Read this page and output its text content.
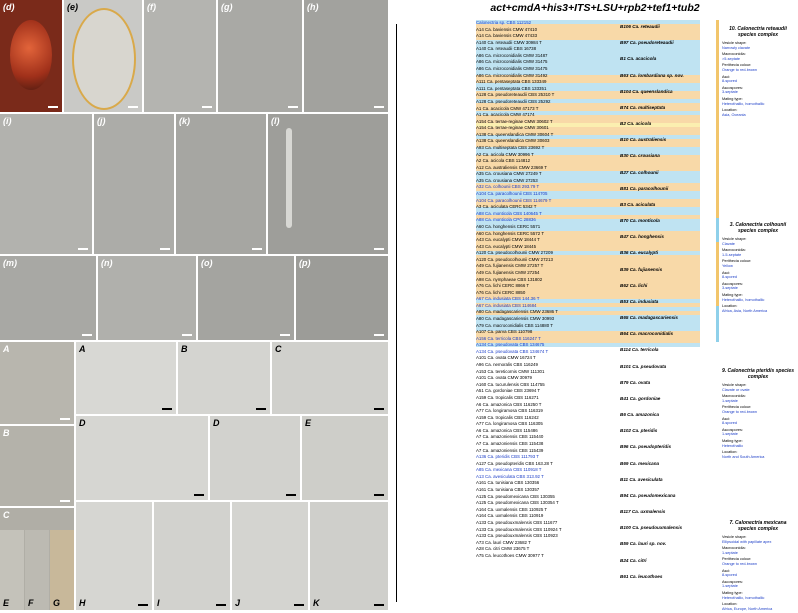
(d)	(e)	(f)	(g)	(h)
(i)	(j)	(k)	(l)
(m)	(n)	(o)	(p)
A
B
C
A	B	C
D	D	E
E F G H	I	J	K
act+cmdA+his3+ITS+LSU+rpb2+tef1+tub2
Calonectria sp. CBS 112152
A14 Ca. baviensis CMW 47410
A14 Ca. baviensis CMW 47433
A140 Ca. reteaudii CMW 30984 T
A140 Ca. reteaudii CBS 16738
A86 Ca. microconidialis CMW 31487
A86 Ca. microconidialis CMW 31475
A86 Ca. microconidialis CMW 31475
A86 Ca. microconidialis CMW 31492
A111 Ca. pentaseptata CBS 133349
A111 Ca. pentaseptata CBS 133351
A128 Ca. pseudoreteaudii CBS 25310 T
A128 Ca. pseudoreteaudii CBS 25292
A1 Ca. acacicola CMW 47173 T
A1 Ca. acacicola CMW 47174
A154 Ca. terrae-reginae CMW 30602 T
A154 Ca. terrae-reginae CMW 30601
A138 Ca. queenslandica CMW 30604 T
A138 Ca. queenslandica CMW 30603
A93 Ca. multiseptata CBS 23692 T
A2 Ca. acicola CMW 30996 T
A2 Ca. acicola CBS 114812
A12 Ca. australiensis CMW 23669 T
A35 Ca. crousiana CMW 27249 T
A35 Ca. crousiana CMW 27253
A32 Ca. colhounii CBS 293.79 T
A104 Ca. paracolhounii CBS 114705
A104 Ca. paracolhounii CBS 114679 T
A3 Ca. aciculata CERC 5342 T
A88 Ca. monticola CBS 140645 T
A88 Ca. monticola CPC 28836
A60 Ca. honghensis CERC 5571
A60 Ca. honghensis CERC 5572 T
A43 Ca. eucalypti CMW 18444 T
A43 Ca. eucalypti CMW 18445
A120 Ca. pseudocolhounii CMW 27209
A120 Ca. pseudocolhounii CMW 27213
A49 Ca. fujianensis CMW 27257 T
A49 Ca. fujianensis CMW 27254
A98 Ca. nymphaeae CBS 131802
A76 Ca. lichi CERC 8866 T
A76 Ca. lichi CERC 8850
A67 Ca. indusiata CBS 144.36 T
A67 Ca. indusiata CBS 114684
A80 Ca. madagascariensis CMW 23686 T
A80 Ca. madagascariensis CMW 30993
A79 Ca. macroconidialis CBS 114880 T
A107 Ca. parva CBS 110798
A156 Ca. terricola CBS 116247 T
A134 Ca. pseudovata CBS 134675
A134 Ca. pseudovata CBS 134674 T
A101 Ca. ovata CMW 16724 T
A96 Ca. nemoralis CBS 116249
A153 Ca. tereticornis CMW 111301
A101 Ca. ovata CMW 30979
A160 Ca. tucurulensis CBS 114755
A51 Ca. gordoniae CBS 23694 T
A159 Ca. tropicalis CBS 116271
A6 Ca. amazonica CBS 116250 T
A77 Ca. longiramosa CBS 116319
A159 Ca. tropicalis CBS 116242
A77 Ca. longiramosa CBS 116305
A6 Ca. amazonica CBS 115486
A7 Ca. amazoniensis CBS 115440
A7 Ca. amazoniensis CBS 115438
A7 Ca. amazoniensis CBS 115439
A136 Ca. pteridis CBS 111793 T
A127 Ca. pseudopteridis CBS 163.28 T
A85 Ca. mexicana CBS 110918 T
A13 Ca. avesiculata CBS 313.92 T
A161 Ca. tunisiana CBS 130356
A161 Ca. tunisiana CBS 130357
A125 Ca. pseudomexicana CBS 130355
A125 Ca. pseudomexicana CBS 130354 T
A164 Ca. uxmalensis CBS 110925 T
A164 Ca. uxmalensis CBS 110919
A133 Ca. pseudouxmalensis CBS 111677
A133 Ca. pseudouxmalensis CBS 110924 T
A133 Ca. pseudouxmalensis CBS 110923
A73 Ca. lauri CMW 23682 T
A28 Ca. citri CMW 23675 T
A75 Ca. leucothoes CMW 30977 T
B106 Ca. reteaudii
B97 Ca. pseudoreteaudii
B1 Ca. acacicola
B63 Ca. lombardiana sp. nov.
B104 Ca. queenslandica
B74 Ca. multiseptata
B2 Ca. acicola
B10 Ca. australiensis
B30 Ca. crousiana
B27 Ca. colhounii
B81 Ca. paracolhounii
B3 Ca. aciculata
B70 Ca. monticola
B47 Ca. honghensis
B36 Ca. eucalypti
B39 Ca. fujianensis
B62 Ca. lichi
B53 Ca. indusiata
B65 Ca. madagascariensis
B64 Ca. macroconidialis
B114 Ca. terricola
B101 Ca. pseudovata
B79 Ca. ovata
B41 Ca. gordoniae
B6 Ca. amazonica
B102 Ca. pteridis
B96 Ca. pseudopteridis
B69 Ca. mexicana
B11 Ca. avesiculata
B94 Ca. pseudomexicana
B117 Ca. uxmalensis
B100 Ca. pseudouxmalensis
B59 Ca. lauri sp. nov.
B24 Ca. citri
B61 Ca. leucothoes
10. Calonectria reteaudii species complex
Vesicle shape:
Narrowly clavate
Macroconidia:
>5-septate
Perithecia colour:
Orange to red-brown
Asci:
8-spored
Ascospores:
3-septate
Mating type:
Heterothallic, homothallic
Location:
Asia, Oceania
3. Calonectria colhounii species complex
Vesicle shape:
Clavate
Macroconidia:
1-5-septate
Perithecia colour:
Yellow
Asci:
8-spored
Ascospores:
3-septate
Mating type:
Heterothallic, homothallic
Location:
Africa, Asia, North America
9. Calonectria pteridis species complex
Vesicle shape:
Clavate or ovate
Macroconidia:
1-septate
Perithecia colour:
Orange to red-brown
Asci:
8-spored
Ascospores:
1-septate
Mating type:
Heterothallic
Location:
North and South America
7. Calonectria mexicana species complex
Vesicle shape:
Ellipsoidal with papillate apex
Macroconidia:
1-septate
Perithecia colour:
Orange to red-brown
Asci:
8-spored
Ascospores:
1-septate
Mating type:
Heterothallic, homothallic
Location:
Africa, Europe, North America
